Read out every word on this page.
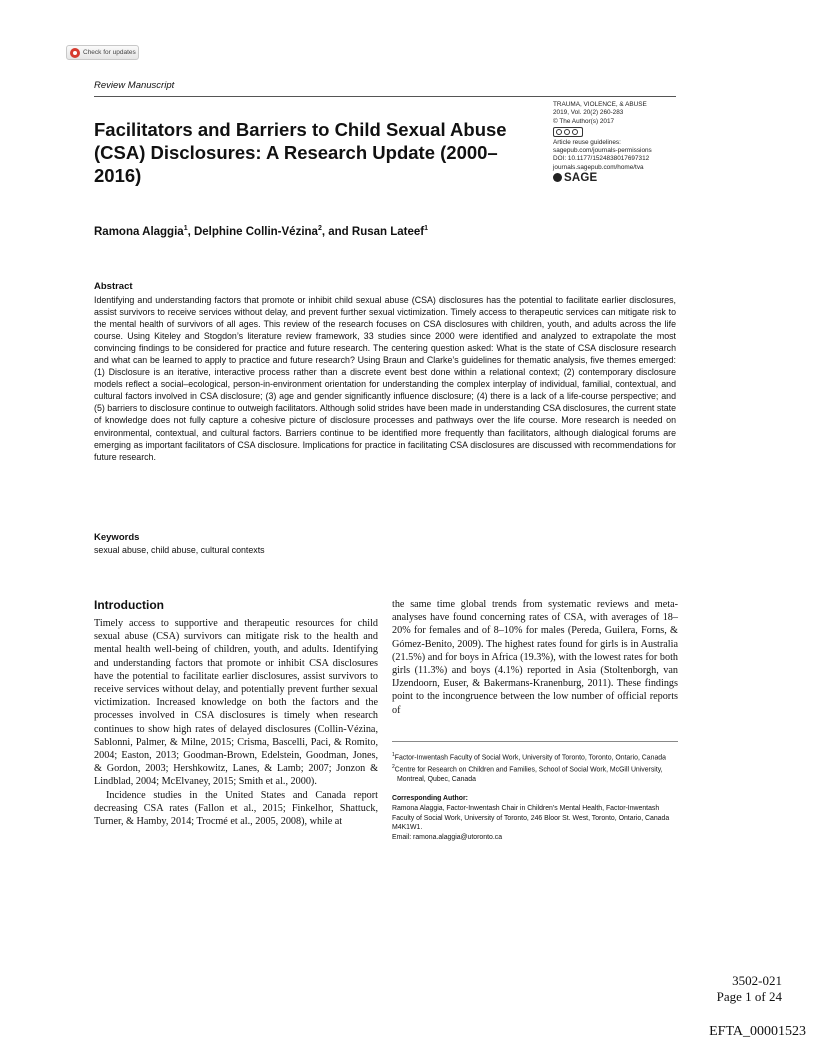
Check for updates
Review Manuscript
Facilitators and Barriers to Child Sexual Abuse (CSA) Disclosures: A Research Update (2000–2016)
TRAUMA, VIOLENCE, & ABUSE
2019, Vol. 20(2) 260-283
© The Author(s) 2017
Article reuse guidelines:
sagepub.com/journals-permissions
DOI: 10.1177/1524838017697312
journals.sagepub.com/home/tva
SAGE
Ramona Alaggia$^1$, Delphine Collin-Vézina$^2$, and Rusan Lateef$^1$
Abstract
Identifying and understanding factors that promote or inhibit child sexual abuse (CSA) disclosures has the potential to facilitate earlier disclosures, assist survivors to receive services without delay, and prevent further sexual victimization. Timely access to therapeutic services can mitigate risk to the mental health of survivors of all ages. This review of the research focuses on CSA disclosures with children, youth, and adults across the life course. Using Kiteley and Stogdon’s literature review framework, 33 studies since 2000 were identified and analyzed to extrapolate the most convincing findings to be considered for practice and future research. The centering question asked: What is the state of CSA disclosure research and what can be learned to apply to practice and future research? Using Braun and Clarke’s guidelines for thematic analysis, five themes emerged: (1) Disclosure is an iterative, interactive process rather than a discrete event best done within a relational context; (2) contemporary disclosure models reflect a social–ecological, person-in-environment orientation for understanding the complex interplay of individual, familial, contextual, and cultural factors involved in CSA disclosure; (3) age and gender significantly influence disclosure; (4) there is a lack of a life-course perspective; and (5) barriers to disclosure continue to outweigh facilitators. Although solid strides have been made in understanding CSA disclosures, the current state of knowledge does not fully capture a cohesive picture of disclosure processes and pathways over the life course. More research is needed on environmental, contextual, and cultural factors. Barriers continue to be identified more frequently than facilitators, although dialogical forums are emerging as important facilitators of CSA disclosure. Implications for practice in facilitating CSA disclosures are discussed with recommendations for future research.
Keywords
sexual abuse, child abuse, cultural contexts
Introduction

Timely access to supportive and therapeutic resources for child sexual abuse (CSA) survivors can mitigate risk to the health and mental health well-being of children, youth, and adults. Identifying and understanding factors that promote or inhibit CSA disclosures have the potential to facilitate earlier disclosures, assist survivors to receive services without delay, and potentially prevent further sexual victimization. Increased knowledge on both the factors and the processes involved in CSA disclosures is timely when research continues to show high rates of delayed disclosures (Collin-Vézina, Sablonni, Palmer, & Milne, 2015; Crisma, Bascelli, Paci, & Romito, 2004; Easton, 2013; Goodman-Brown, Edelstein, Goodman, Jones, & Gordon, 2003; Hershkowitz, Lanes, & Lamb; 2007; Jonzon & Lindblad, 2004; McElvaney, 2015; Smith et al., 2000).

Incidence studies in the United States and Canada report decreasing CSA rates (Fallon et al., 2015; Finkelhor, Shattuck, Turner, & Hamby, 2014; Trocmé et al., 2005, 2008), while at

the same time global trends from systematic reviews and meta-analyses have found concerning rates of CSA, with averages of 18–20% for females and of 8–10% for males (Pereda, Guilera, Forns, & Gómez-Benito, 2009). The highest rates found for girls is in Australia (21.5%) and for boys in Africa (19.3%), with the lowest rates for both girls (11.3%) and boys (4.1%) reported in Asia (Stoltenborgh, van IJzendoorn, Euser, & Bakermans-Kranenburg, 2011). These findings point to the incongruence between the low number of official reports of

$^1$Factor-Inwentash Faculty of Social Work, University of Toronto, Toronto, Ontario, Canada
$^2$Centre for Research on Children and Families, School of Social Work, McGill University, Montreal, Qubec, Canada
Corresponding Author:
Ramona Alaggia, Factor-Inwentash Chair in Children’s Mental Health, Factor-Inwentash Faculty of Social Work, University of Toronto, 246 Bloor St. West, Toronto, Ontario, Canada M4K1W1.
Email: ramona.alaggia@utoronto.ca
3502-021
Page 1 of 24
EFTA_00001523
